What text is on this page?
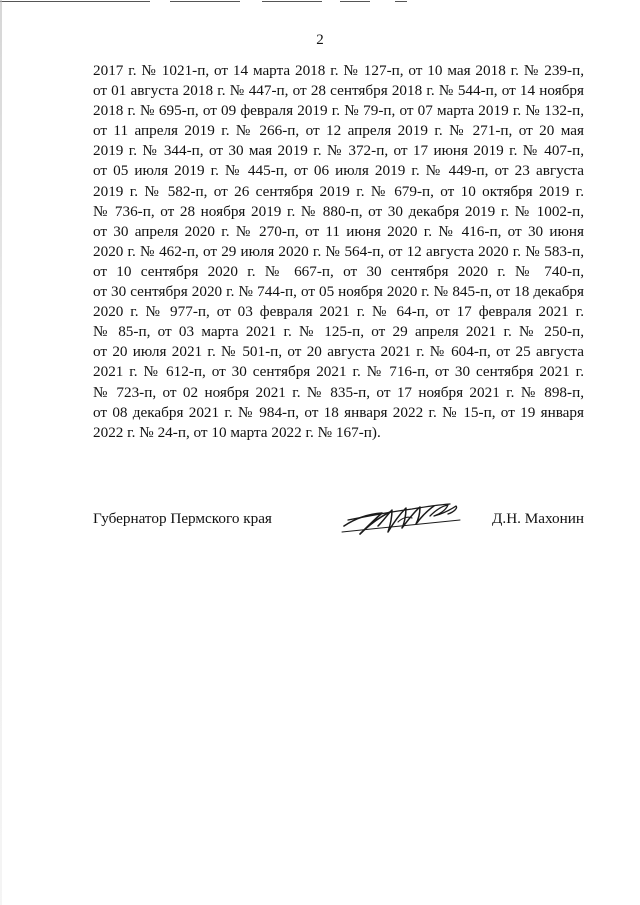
2
2017 г. № 1021-п, от 14 марта 2018 г. № 127-п, от 10 мая 2018 г. № 239-п,
от 01 августа 2018 г. № 447-п, от 28 сентября 2018 г. № 544-п, от 14 ноября
2018 г. № 695-п, от 09 февраля 2019 г. № 79-п, от 07 марта 2019 г. № 132-п,
от 11 апреля 2019 г. № 266-п, от 12 апреля 2019 г. № 271-п, от 20 мая
2019 г. № 344-п, от 30 мая 2019 г. № 372-п, от 17 июня 2019 г. № 407-п,
от 05 июля 2019 г. № 445-п, от 06 июля 2019 г. № 449-п, от 23 августа
2019 г. № 582-п, от 26 сентября 2019 г. № 679-п, от 10 октября 2019 г.
№ 736-п, от 28 ноября 2019 г. № 880-п, от 30 декабря 2019 г. № 1002-п,
от 30 апреля 2020 г. № 270-п, от 11 июня 2020 г. № 416-п, от 30 июня
2020 г. № 462-п, от 29 июля 2020 г. № 564-п, от 12 августа 2020 г. № 583-п,
от 10 сентября 2020 г. № 667-п, от 30 сентября 2020 г. № 740-п,
от 30 сентября 2020 г. № 744-п, от 05 ноября 2020 г. № 845-п, от 18 декабря
2020 г. № 977-п, от 03 февраля 2021 г. № 64-п, от 17 февраля 2021 г.
№ 85-п, от 03 марта 2021 г. № 125-п, от 29 апреля 2021 г. № 250-п,
от 20 июля 2021 г. № 501-п, от 20 августа 2021 г. № 604-п, от 25 августа
2021 г. № 612-п, от 30 сентября 2021 г. № 716-п, от 30 сентября 2021 г.
№ 723-п, от 02 ноября 2021 г. № 835-п, от 17 ноября 2021 г. № 898-п,
от 08 декабря 2021 г. № 984-п, от 18 января 2022 г. № 15-п, от 19 января
2022 г. № 24-п, от 10 марта 2022 г. № 167-п).
Губернатор Пермского края	Д.Н. Махонин
